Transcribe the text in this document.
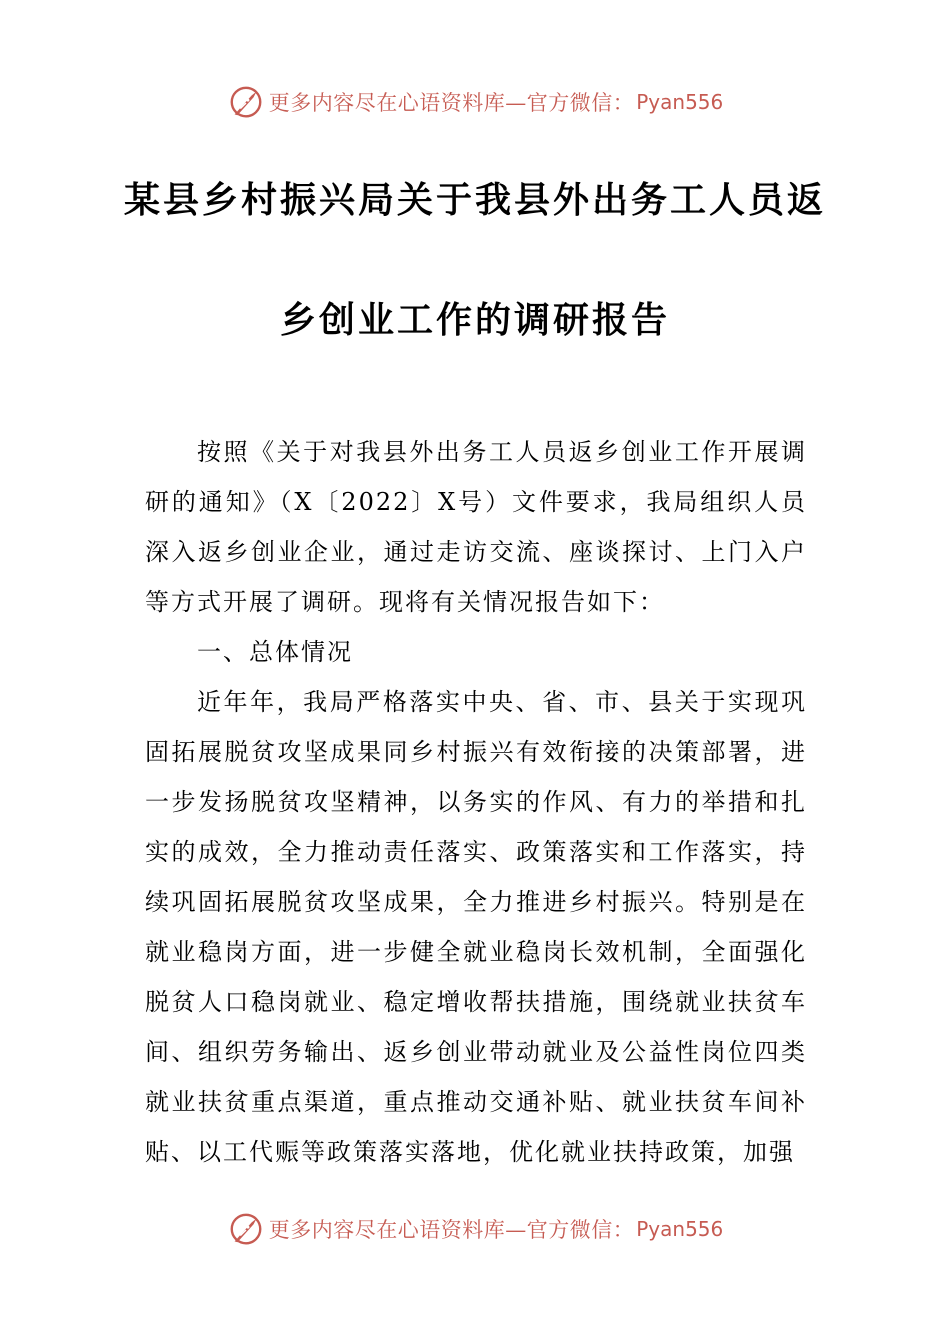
更多内容尽在心语资料库—官方微信： Pyan556
某县乡村振兴局关于我县外出务工人员返
乡创业工作的调研报告

按照《关于对我县外出务工人员返乡创业工作开展调研的通知》（X〔2022〕X号）文件要求，我局组织人员深入返乡创业企业，通过走访交流、座谈探讨、上门入户等方式开展了调研。现将有关情况报告如下：

一、总体情况

近年年，我局严格落实中央、省、市、县关于实现巩固拓展脱贫攻坚成果同乡村振兴有效衔接的决策部署，进一步发扬脱贫攻坚精神，以务实的作风、有力的举措和扎实的成效，全力推动责任落实、政策落实和工作落实，持续巩固拓展脱贫攻坚成果，全力推进乡村振兴。特别是在就业稳岗方面，进一步健全就业稳岗长效机制，全面强化脱贫人口稳岗就业、稳定增收帮扶措施，围绕就业扶贫车间、组织劳务输出、返乡创业带动就业及公益性岗位四类就业扶贫重点渠道，重点推动交通补贴、就业扶贫车间补贴、以工代赈等政策落实落地，优化就业扶持政策，加强

更多内容尽在心语资料库—官方微信： Pyan556
